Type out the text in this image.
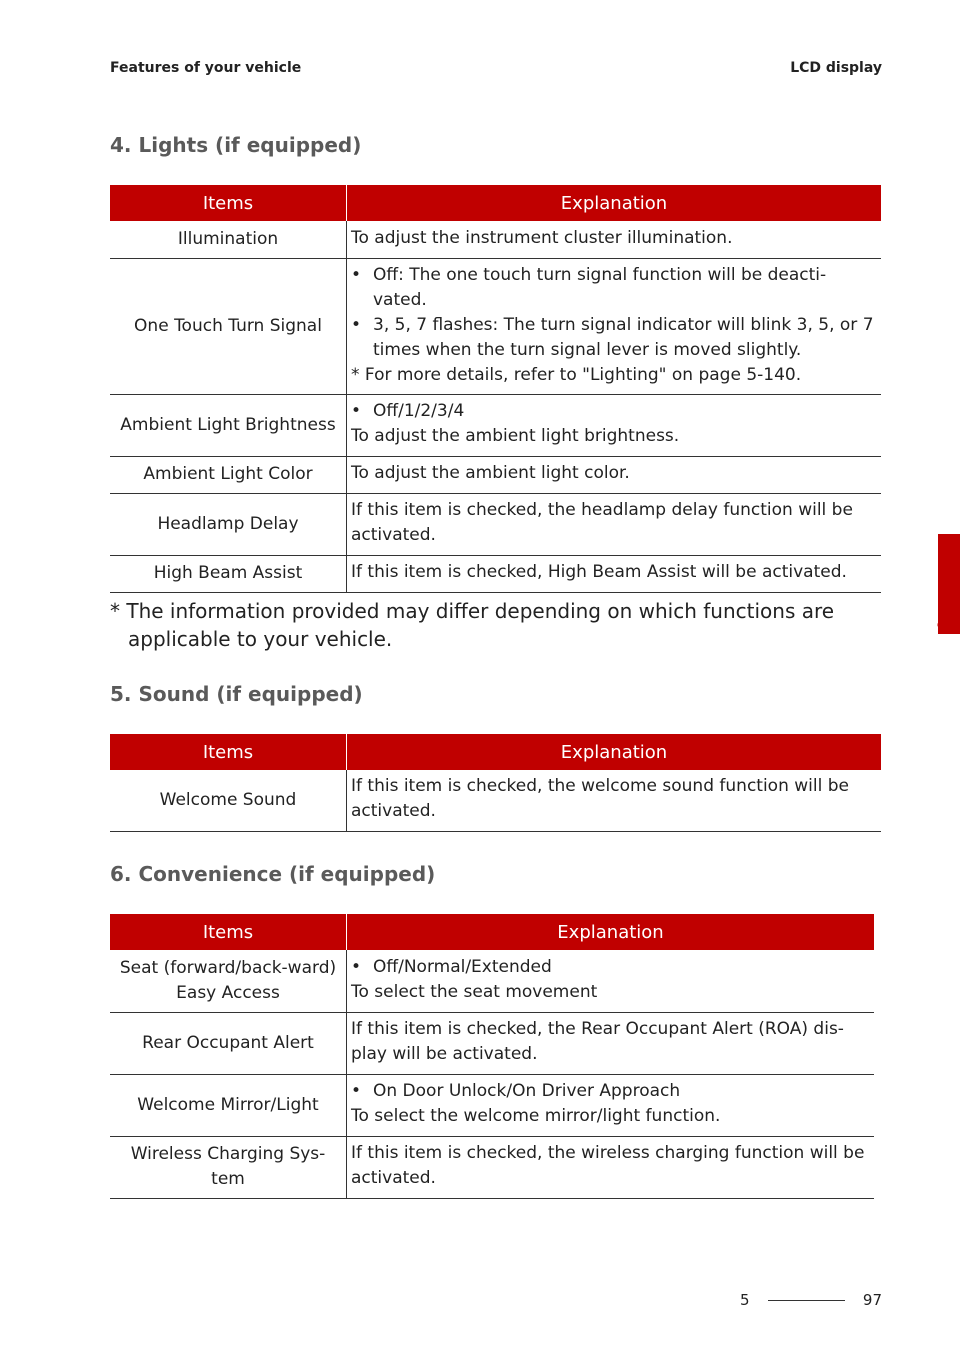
Features of your vehicle	LCD display
4. Lights (if equipped)
Items	Explanation
Illumination	To adjust the instrument cluster illumination.
One Touch Turn Signal	• Off: The one touch turn signal function will be deacti-vated.
• 3, 5, 7 flashes: The turn signal indicator will blink 3, 5, or 7 times when the turn signal lever is moved slightly.
* For more details, refer to "Lighting" on page 5-140.

Ambient Light Brightness	• Off/1/2/3/4
To adjust the ambient light brightness.

Ambient Light Color	To adjust the ambient light color.
Headlamp Delay	If this item is checked, the headlamp delay function will be activated.
High Beam Assist	If this item is checked, High Beam Assist will be activated.
* The information provided may differ depending on which functions are applicable to your vehicle.
5. Sound (if equipped)
Items	Explanation
Welcome Sound	If this item is checked, the welcome sound function will be activated.
6. Convenience (if equipped)
Items	Explanation
Seat (forward/back-ward) Easy Access	• Off/Normal/Extended
To select the seat movement

Rear Occupant Alert	If this item is checked, the Rear Occupant Alert (ROA) dis-play will be activated.
Welcome Mirror/Light	• On Door Unlock/On Driver Approach
To select the welcome mirror/light function.

Wireless Charging Sys-tem	If this item is checked, the wireless charging function will be activated.
5
5	97
